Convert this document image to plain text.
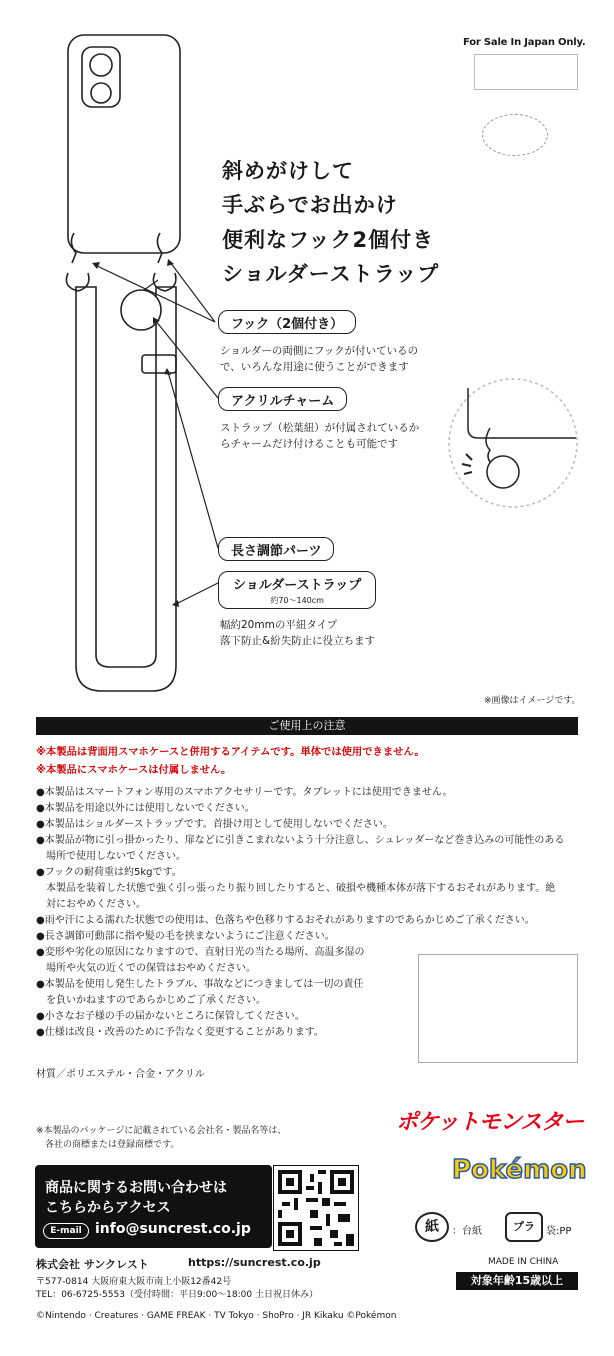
For Sale In Japan Only.
斜めがけして
手ぶらでお出かけ
便利なフック2個付き
ショルダーストラップ
フック（2個付き）
ショルダーの両側にフックが付いているの
で、いろんな用途に使うことができます
アクリルチャーム
ストラップ（松葉紐）が付属されているか
らチャームだけ付けることも可能です
長さ調節パーツ
ショルダーストラップ
約70～140cm
幅約20mmの平紐タイプ
落下防止&紛失防止に役立ちます
※画像はイメージです。
ご使用上の注意
※本製品は背面用スマホケースと併用するアイテムです。単体では使用できません。
※本製品にスマホケースは付属しません。
●本製品はスマートフォン専用のスマホアクセサリーです。タブレットには使用できません。
●本製品を用途以外には使用しないでください。
●本製品はショルダーストラップです。首掛け用として使用しないでください。
●本製品が物に引っ掛かったり、扉などに引きこまれないよう十分注意し、シュレッダーなど巻き込みの可能性のある
　場所で使用しないでください。
●フックの耐荷重は約5kgです。
　本製品を装着した状態で強く引っ張ったり振り回したりすると、破損や機種本体が落下するおそれがあります。絶
　対におやめください。
●雨や汗による濡れた状態での使用は、色落ちや色移りするおそれがありますのであらかじめご了承ください。
●長さ調節可動部に指や髪の毛を挟まないようにご注意ください。
●変形や劣化の原因になりますので、直射日光の当たる場所、高温多湿の
　場所や火気の近くでの保管はおやめください。
●本製品を使用し発生したトラブル、事故などにつきましては一切の責任
　を負いかねますのであらかじめご了承ください。
●小さなお子様の手の届かないところに保管してください。
●仕様は改良・改善のために予告なく変更することがあります。
材質／ポリエステル・合金・アクリル
※本製品のパッケージに記載されている会社名・製品名等は、
　各社の商標または登録商標です。
ポケットモンスター
Pokémon
商品に関するお問い合わせは
こちらからアクセス
E-mail info@suncrest.co.jp	紙	：台紙	プラ	袋:PP
MADE IN CHINA
対象年齢15歳以上
株式会社 サンクレスト	https://suncrest.co.jp
〒577-0814 大阪府東大阪市南上小阪12番42号
TEL：06-6725-5553（受付時間：平日9:00～18:00 土日祝日休み）
©Nintendo · Creatures · GAME FREAK · TV Tokyo · ShoPro · JR Kikaku ©Pokémon
